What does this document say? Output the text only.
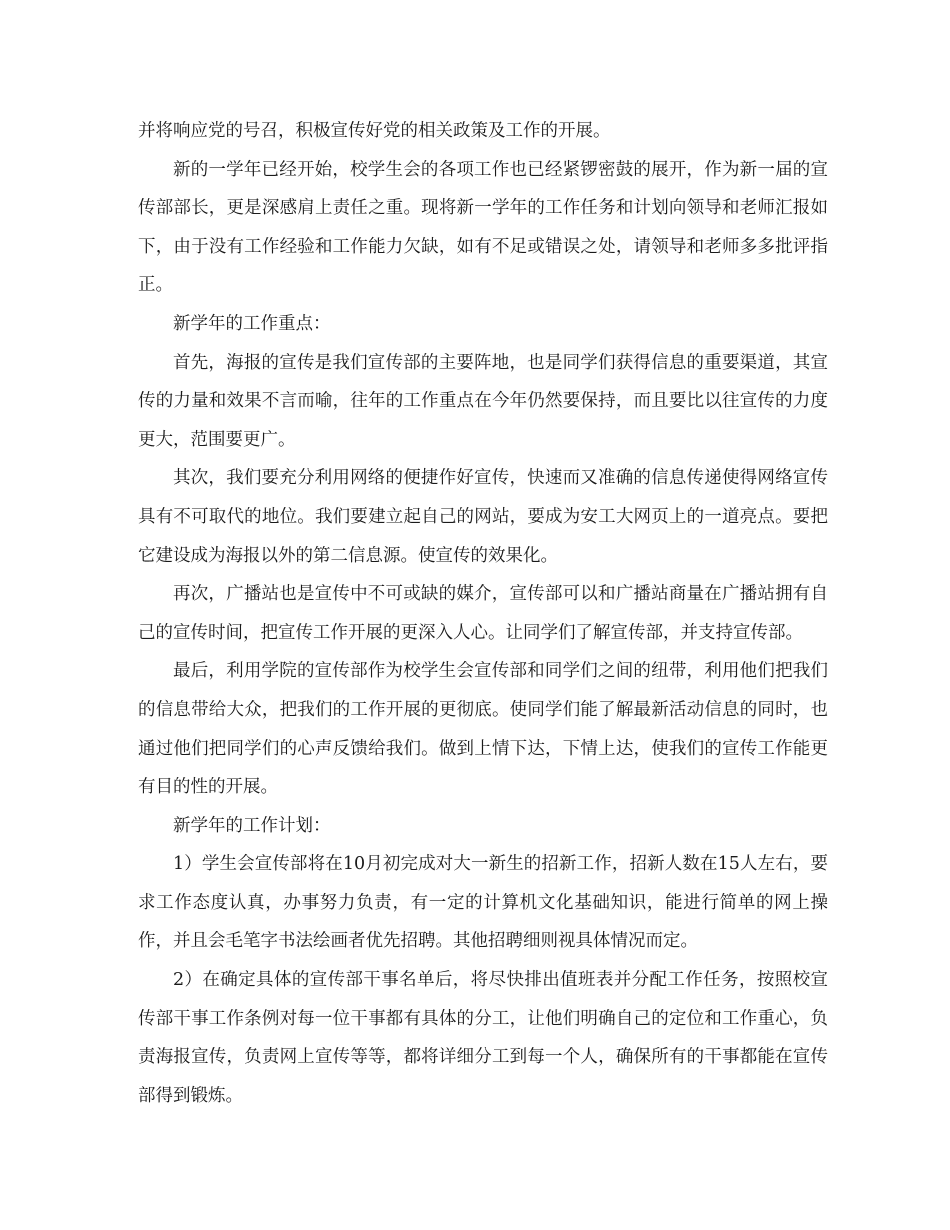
并将响应党的号召，积极宣传好党的相关政策及工作的开展。

新的一学年已经开始，校学生会的各项工作也已经紧锣密鼓的展开，作为新一届的宣传部部长，更是深感肩上责任之重。现将新一学年的工作任务和计划向领导和老师汇报如下，由于没有工作经验和工作能力欠缺，如有不足或错误之处，请领导和老师多多批评指正。

新学年的工作重点：

首先，海报的宣传是我们宣传部的主要阵地，也是同学们获得信息的重要渠道，其宣传的力量和效果不言而喻，往年的工作重点在今年仍然要保持，而且要比以往宣传的力度更大，范围要更广。

其次，我们要充分利用网络的便捷作好宣传，快速而又准确的信息传递使得网络宣传具有不可取代的地位。我们要建立起自己的网站，要成为安工大网页上的一道亮点。要把它建设成为海报以外的第二信息源。使宣传的效果化。

再次，广播站也是宣传中不可或缺的媒介，宣传部可以和广播站商量在广播站拥有自己的宣传时间，把宣传工作开展的更深入人心。让同学们了解宣传部，并支持宣传部。

最后，利用学院的宣传部作为校学生会宣传部和同学们之间的纽带，利用他们把我们的信息带给大众，把我们的工作开展的更彻底。使同学们能了解最新活动信息的同时，也通过他们把同学们的心声反馈给我们。做到上情下达，下情上达，使我们的宣传工作能更有目的性的开展。

新学年的工作计划：

1）学生会宣传部将在10月初完成对大一新生的招新工作，招新人数在15人左右，要求工作态度认真，办事努力负责，有一定的计算机文化基础知识，能进行简单的网上操作，并且会毛笔字书法绘画者优先招聘。其他招聘细则视具体情况而定。

2）在确定具体的宣传部干事名单后，将尽快排出值班表并分配工作任务，按照校宣传部干事工作条例对每一位干事都有具体的分工，让他们明确自己的定位和工作重心，负责海报宣传，负责网上宣传等等，都将详细分工到每一个人，确保所有的干事都能在宣传部得到锻炼。
